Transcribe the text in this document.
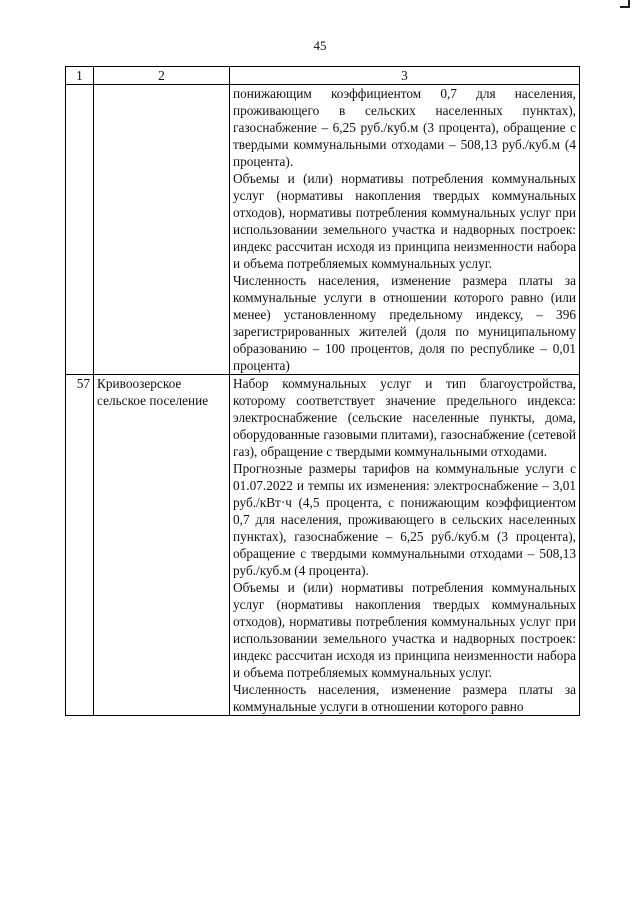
45
1	2	3

		понижающим коэффициентом 0,7 для населения, проживающего в сельских населенных пунктах), газоснабжение – 6,25 руб./куб.м (3 процента), обращение с твердыми коммунальными отходами – 508,13 руб./куб.м (4 процента).

Объемы и (или) нормативы потребления коммунальных услуг (нормативы накопления твердых коммунальных отходов), нормативы потребления коммунальных услуг при использовании земельного участка и надворных построек: индекс рассчитан исходя из принципа неизменности набора и объема потребляемых коммунальных услуг.

Численность населения, изменение размера платы за коммунальные услуги в отношении которого равно (или менее) установленному предельному индексу, – 396 зарегистрированных жителей (доля по муниципальному образованию – 100 процентов, доля по республике – 0,01 процента)

57	Кривоозерское сельское поселение	Набор коммунальных услуг и тип благоустройства, которому соответствует значение предельного индекса: электроснабжение (сельские населенные пункты, дома, оборудованные газовыми плитами), газоснабжение (сетевой газ), обращение с твердыми коммунальными отходами.

Прогнозные размеры тарифов на коммунальные услуги с 01.07.2022 и темпы их изменения: электроснабжение – 3,01 руб./кВт·ч (4,5 процента, с понижающим коэффициентом 0,7 для населения, проживающего в сельских населенных пунктах), газоснабжение – 6,25 руб./куб.м (3 процента), обращение с твердыми коммунальными отходами – 508,13 руб./куб.м (4 процента).

Объемы и (или) нормативы потребления коммунальных услуг (нормативы накопления твердых коммунальных отходов), нормативы потребления коммунальных услуг при использовании земельного участка и надворных построек: индекс рассчитан исходя из принципа неизменности набора и объема потребляемых коммунальных услуг.

Численность населения, изменение размера платы за коммунальные услуги в отношении которого равно
